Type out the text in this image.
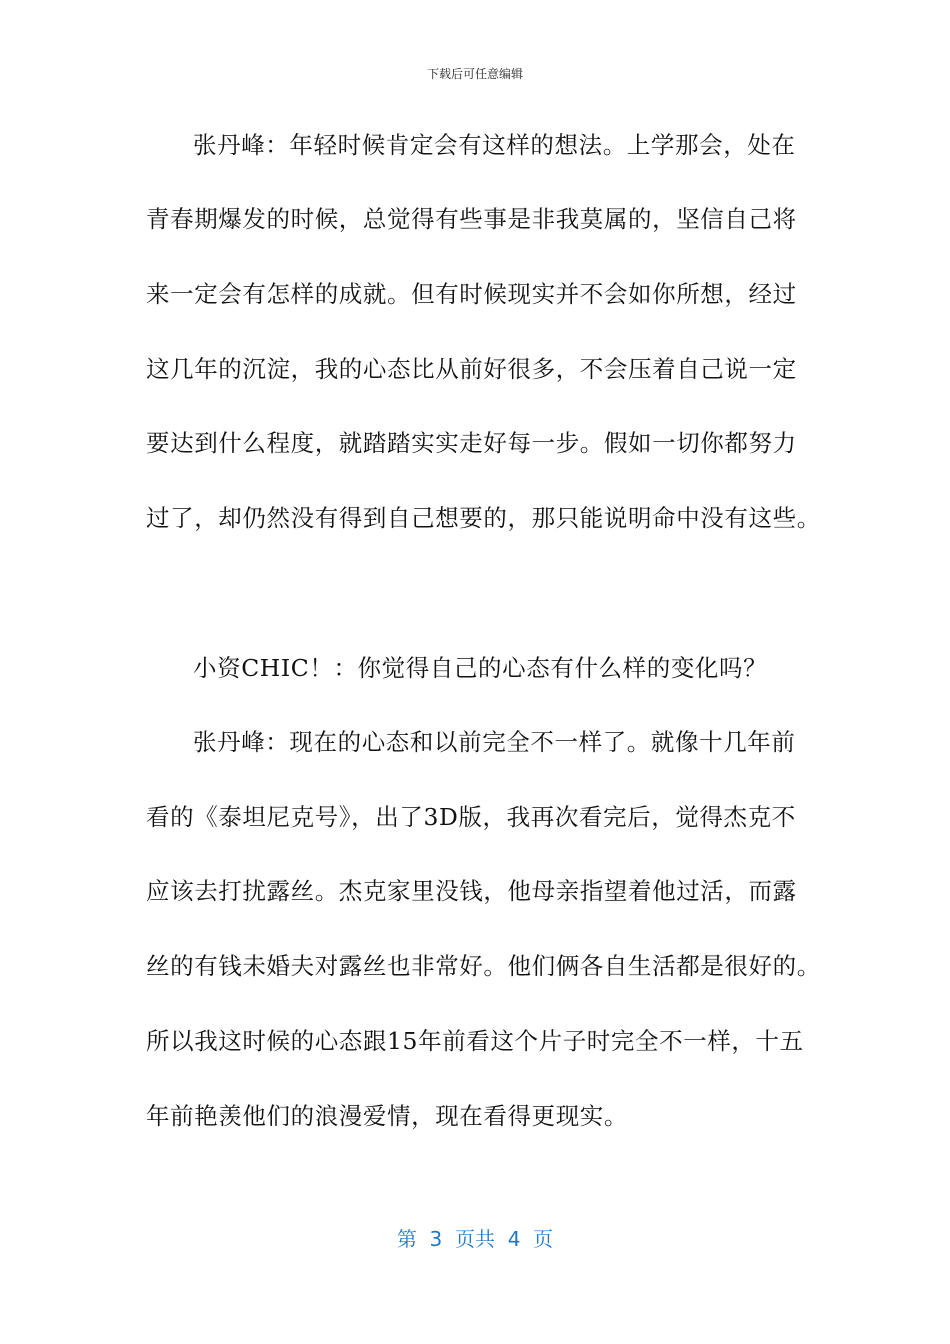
下载后可任意编辑
张丹峰：年轻时候肯定会有这样的想法。上学那会，处在
青春期爆发的时候，总觉得有些事是非我莫属的，坚信自己将
来一定会有怎样的成就。但有时候现实并不会如你所想，经过
这几年的沉淀，我的心态比从前好很多，不会压着自己说一定
要达到什么程度，就踏踏实实走好每一步。假如一切你都努力
过了，却仍然没有得到自己想要的，那只能说明命中没有这些。
小资CHIC！：你觉得自己的心态有什么样的变化吗？
张丹峰：现在的心态和以前完全不一样了。就像十几年前
看的《泰坦尼克号》，出了3D版，我再次看完后，觉得杰克不
应该去打扰露丝。杰克家里没钱，他母亲指望着他过活，而露
丝的有钱未婚夫对露丝也非常好。他们俩各自生活都是很好的。
所以我这时候的心态跟15年前看这个片子时完全不一样，十五
年前艳羡他们的浪漫爱情，现在看得更现实。
第  3  页共  4  页
